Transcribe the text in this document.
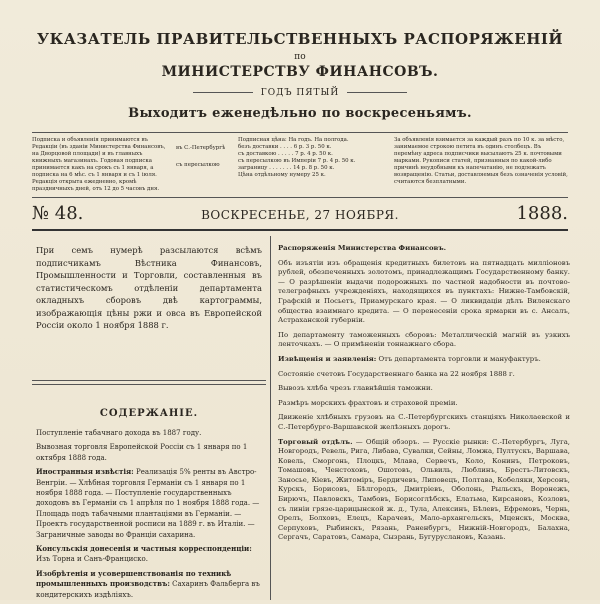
УКАЗАТЕЛЬ ПРАВИТЕЛЬСТВЕННЫХЪ РАСПОРЯЖЕНІЙ
по
МИНИСТЕРСТВУ ФИНАНСОВЪ.
ГОДЪ ПЯТЫЙ
Выходитъ еженедѣльно по воскресеньямъ.
Подписка и объявленія принимаются въ Редакціи (въ зданіи Министерства Финансовъ, на Дворцовой площади) и въ главныхъ книжныхъ магазинахъ. Годовая подписка принимается какъ на срокъ съ 1 января, а подписка на 6 мѣс. съ 1 января и съ 1 іюля. Редакція открыта ежедневно, кромѣ праздничныхъ дней, отъ 12 до 5 часовъ дня.
въ С.-Петербургѣ
съ пересылкою
Подписная цѣна: На годъ. На полгода.
безъ доставки . . . . 6 р. 3 р. 50 к.
съ доставкою . . . . . 7 р. 4 р. 50 к.
съ пересылкою въ Имперіи 7 р. 4 р. 50 к.
заграницу . . . . . . . 14 р. 8 р. 50 к.
Цѣна отдѣльному нумеру 25 к.
За объявленія взимается за каждый разъ по 10 к. за мѣсто, занимаемое строкою петита въ одинъ столбецъ. Въ перемѣну адреса подписчики высылаютъ 25 к. почтовыми марками. Рукописи статей, признанныя по какой-либо причинѣ неудобными къ напечатанію, не подлежатъ возвращенію. Статьи, доставляемыя безъ означенія условій, считаются безплатными.
№ 48.	ВОСКРЕСЕНЬЕ, 27 НОЯБРЯ.	1888.
При семъ нумерѣ разсылаются всѣмъ подписчикамъ Вѣстника Финансовъ, Промышленности и Торговли, составленныя въ статистическомъ отдѣленіи департамента окладныхъ сборовъ двѣ картограммы, изображающія цѣны ржи и овса въ Европейской Россіи около 1 ноября 1888 г.
СОДЕРЖАНІЕ.

Поступленіе табачнаго дохода въ 1887 году.

Вывозная торговля Европейской Россіи съ 1 января по 1 октября 1888 года.

Иностранныя извѣстія: Реализація 5% ренты въ Австро-Венгріи. — Хлѣбная торговля Германіи съ 1 января по 1 ноября 1888 года. — Поступленіе государственныхъ доходовъ въ Германіи съ 1 апрѣля по 1 ноября 1888 года. — Площадь подъ табачными плантаціями въ Германіи. — Проектъ государственной росписи на 1889 г. въ Италіи. — Заграничные заводы во Франціи сахарина.

Консульскія донесенія и частныя корреспонденціи: Изъ Торна и Санъ-Франциско.

Изобрѣтенія и усовершенствованія по техникѣ промышленныхъ производствъ: Сахаринъ Фальберга въ кондитерскихъ издѣліяхъ.

Распоряженія Министерства Финансовъ.

Объ изъятіи изъ обращенія кредитныхъ билетовъ на пятнадцать милліоновъ рублей, обезпеченныхъ золотомъ, принадлежащимъ Государственному банку. — О разрѣшеніи выдачи подорожныхъ по частной надобности въ почтово-телеграфныхъ учрежденіяхъ, находящихся въ пунктахъ: Нижне-Тамбовскій, Графскій и Посьетъ, Приамурскаго края. — О ликвидаціи дѣлъ Виленскаго общества взаимнаго кредита. — О перенесеніи срока ярмарки въ с. Ансалъ, Астраханской губерніи.

По департаменту таможенныхъ сборовъ: Металлическій магній въ узкихъ ленточкахъ. — О примѣненіи тоннажнаго сбора.

Извѣщенія и заявленія: Отъ департамента торговли и мануфактуръ.

Состояніе счетовъ Государственнаго банка на 22 ноября 1888 г.

Вывозъ хлѣба чрезъ главнѣйшія таможни.

Размѣръ морскихъ фрахтовъ и страховой преміи.

Движеніе хлѣбныхъ грузовъ на С.-Петербургскихъ станціяхъ Николаевской и С.-Петербурго-Варшавской желѣзныхъ дорогъ.

Торговый отдѣлъ. — Общій обзоръ. — Русскіе рынки: С.-Петербургъ, Луга, Новгородъ, Ревель, Рига, Либава, Сувалки, Сейны, Ломжа, Пултускъ, Варшава, Ковель, Сморгонь, Плоцкъ, Млава, Сервечъ, Коло, Конинъ, Петроковъ, Томашовъ, Ченстоховъ, Ошотовъ, Ольвиль, Люблинъ, Брестъ-Литовскъ, Заносье, Кіевъ, Житоміръ, Бердичевъ, Липовецъ, Полтава, Кобеляки, Херсонъ, Курскъ, Борисовъ, Бѣлгородъ, Дмитріевъ, Оболонь, Рыльскъ, Воронежъ, Бирючъ, Павловскъ, Тамбовъ, Борисоглѣбскъ, Елатьма, Кирсановъ, Козловъ, съ линіи грязе-царицынской ж. д., Тула, Алексинъ, Бѣлевъ, Ефремовъ, Чернь, Орелъ, Болховъ, Елецъ, Карачевъ, Мало-архангельскъ, Мценскъ, Москва, Серпуховъ, Рыбинскъ, Рязань, Раненбургъ, Нижній-Новгородъ, Балахна, Сергачъ, Саратовъ, Самара, Сызрань, Бугуруслановъ, Казань.
